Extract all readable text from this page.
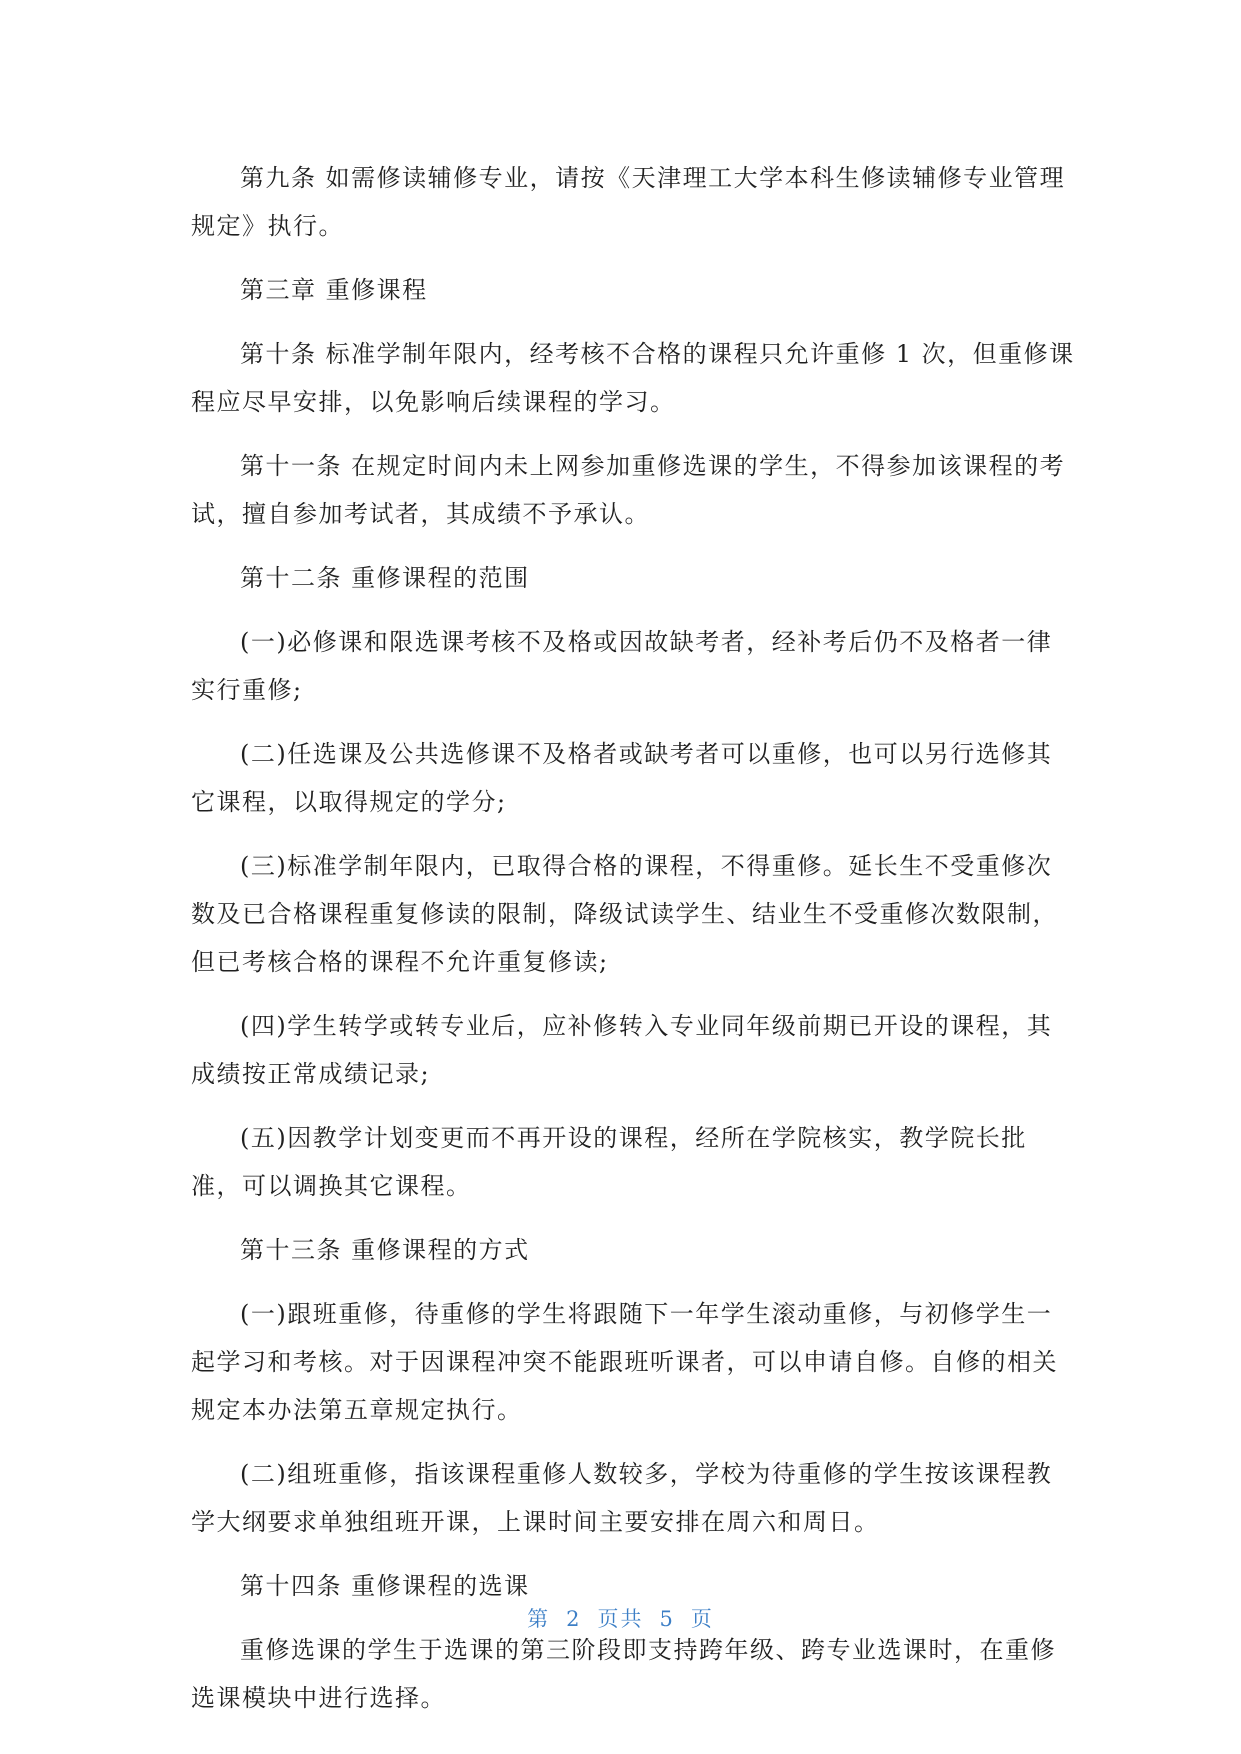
第九条 如需修读辅修专业，请按《天津理工大学本科生修读辅修专业管理
规定》执行。

第三章 重修课程

第十条 标准学制年限内，经考核不合格的课程只允许重修 1 次，但重修课
程应尽早安排，以免影响后续课程的学习。

第十一条 在规定时间内未上网参加重修选课的学生，不得参加该课程的考
试，擅自参加考试者，其成绩不予承认。

第十二条 重修课程的范围

(一)必修课和限选课考核不及格或因故缺考者，经补考后仍不及格者一律
实行重修;

(二)任选课及公共选修课不及格者或缺考者可以重修，也可以另行选修其
它课程，以取得规定的学分;

(三)标准学制年限内，已取得合格的课程，不得重修。延长生不受重修次
数及已合格课程重复修读的限制，降级试读学生、结业生不受重修次数限制，
但已考核合格的课程不允许重复修读;

(四)学生转学或转专业后，应补修转入专业同年级前期已开设的课程，其
成绩按正常成绩记录;

(五)因教学计划变更而不再开设的课程，经所在学院核实，教学院长批
准，可以调换其它课程。

第十三条 重修课程的方式

(一)跟班重修，待重修的学生将跟随下一年学生滚动重修，与初修学生一
起学习和考核。对于因课程冲突不能跟班听课者，可以申请自修。自修的相关
规定本办法第五章规定执行。

(二)组班重修，指该课程重修人数较多，学校为待重修的学生按该课程教
学大纲要求单独组班开课，上课时间主要安排在周六和周日。

第十四条 重修课程的选课

重修选课的学生于选课的第三阶段即支持跨年级、跨专业选课时，在重修
选课模块中进行选择。

第 2 页共 5 页
